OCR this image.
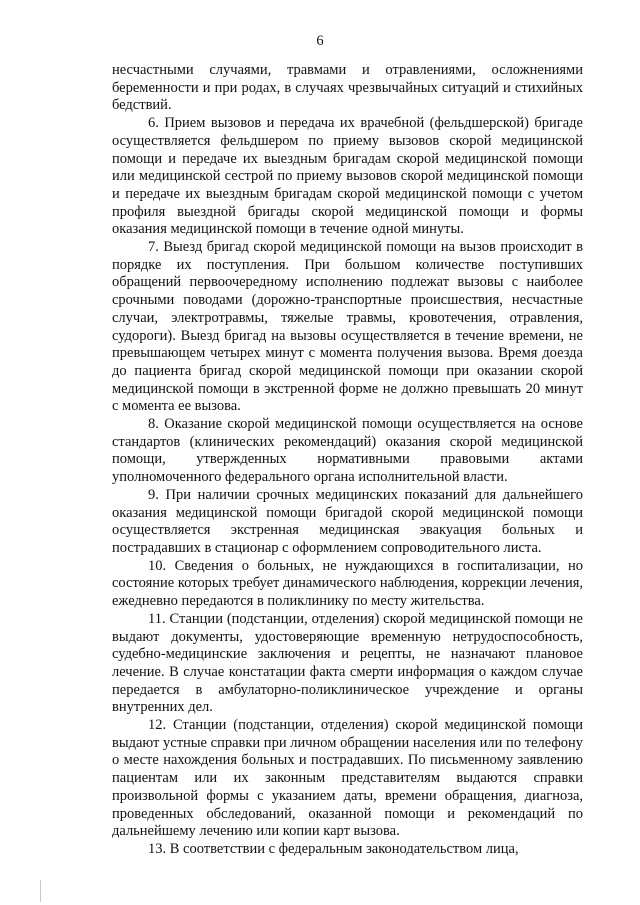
6

несчастными случаями, травмами и отравлениями, осложнениями беременности и при родах, в случаях чрезвычайных ситуаций и стихийных бедствий.

6. Прием вызовов и передача их врачебной (фельдшерской) бригаде осуществляется фельдшером по приему вызовов скорой медицинской помощи и передаче их выездным бригадам скорой медицинской помощи или медицинской сестрой по приему вызовов скорой медицинской помощи и передаче их выездным бригадам скорой медицинской помощи с учетом профиля выездной бригады скорой медицинской помощи и формы оказания медицинской помощи в течение одной минуты.

7. Выезд бригад скорой медицинской помощи на вызов происходит в порядке их поступления. При большом количестве поступивших обращений первоочередному исполнению подлежат вызовы с наиболее срочными поводами (дорожно-транспортные происшествия, несчастные случаи, электротравмы, тяжелые травмы, кровотечения, отравления, судороги). Выезд бригад на вызовы осуществляется в течение времени, не превышающем четырех минут с момента получения вызова. Время доезда до пациента бригад скорой медицинской помощи при оказании скорой медицинской помощи в экстренной форме не должно превышать 20 минут с момента ее вызова.

8. Оказание скорой медицинской помощи осуществляется на основе стандартов (клинических рекомендаций) оказания скорой медицинской помощи, утвержденных нормативными правовыми актами уполномоченного федерального органа исполнительной власти.

9. При наличии срочных медицинских показаний для дальнейшего оказания медицинской помощи бригадой скорой медицинской помощи осуществляется экстренная медицинская эвакуация больных и пострадавших в стационар с оформлением сопроводительного листа.

10. Сведения о больных, не нуждающихся в госпитализации, но состояние которых требует динамического наблюдения, коррекции лечения, ежедневно передаются в поликлинику по месту жительства.

11. Станции (подстанции, отделения) скорой медицинской помощи не выдают документы, удостоверяющие временную нетрудоспособность, судебно-медицинские заключения и рецепты, не назначают плановое лечение. В случае констатации факта смерти информация о каждом случае передается в амбулаторно-поликлиническое учреждение и органы внутренних дел.

12. Станции (подстанции, отделения) скорой медицинской помощи выдают устные справки при личном обращении населения или по телефону о месте нахождения больных и пострадавших. По письменному заявлению пациентам или их законным представителям выдаются справки произвольной формы с указанием даты, времени обращения, диагноза, проведенных обследований, оказанной помощи и рекомендаций по дальнейшему лечению или копии карт вызова.

13. В соответствии с федеральным законодательством лица,
